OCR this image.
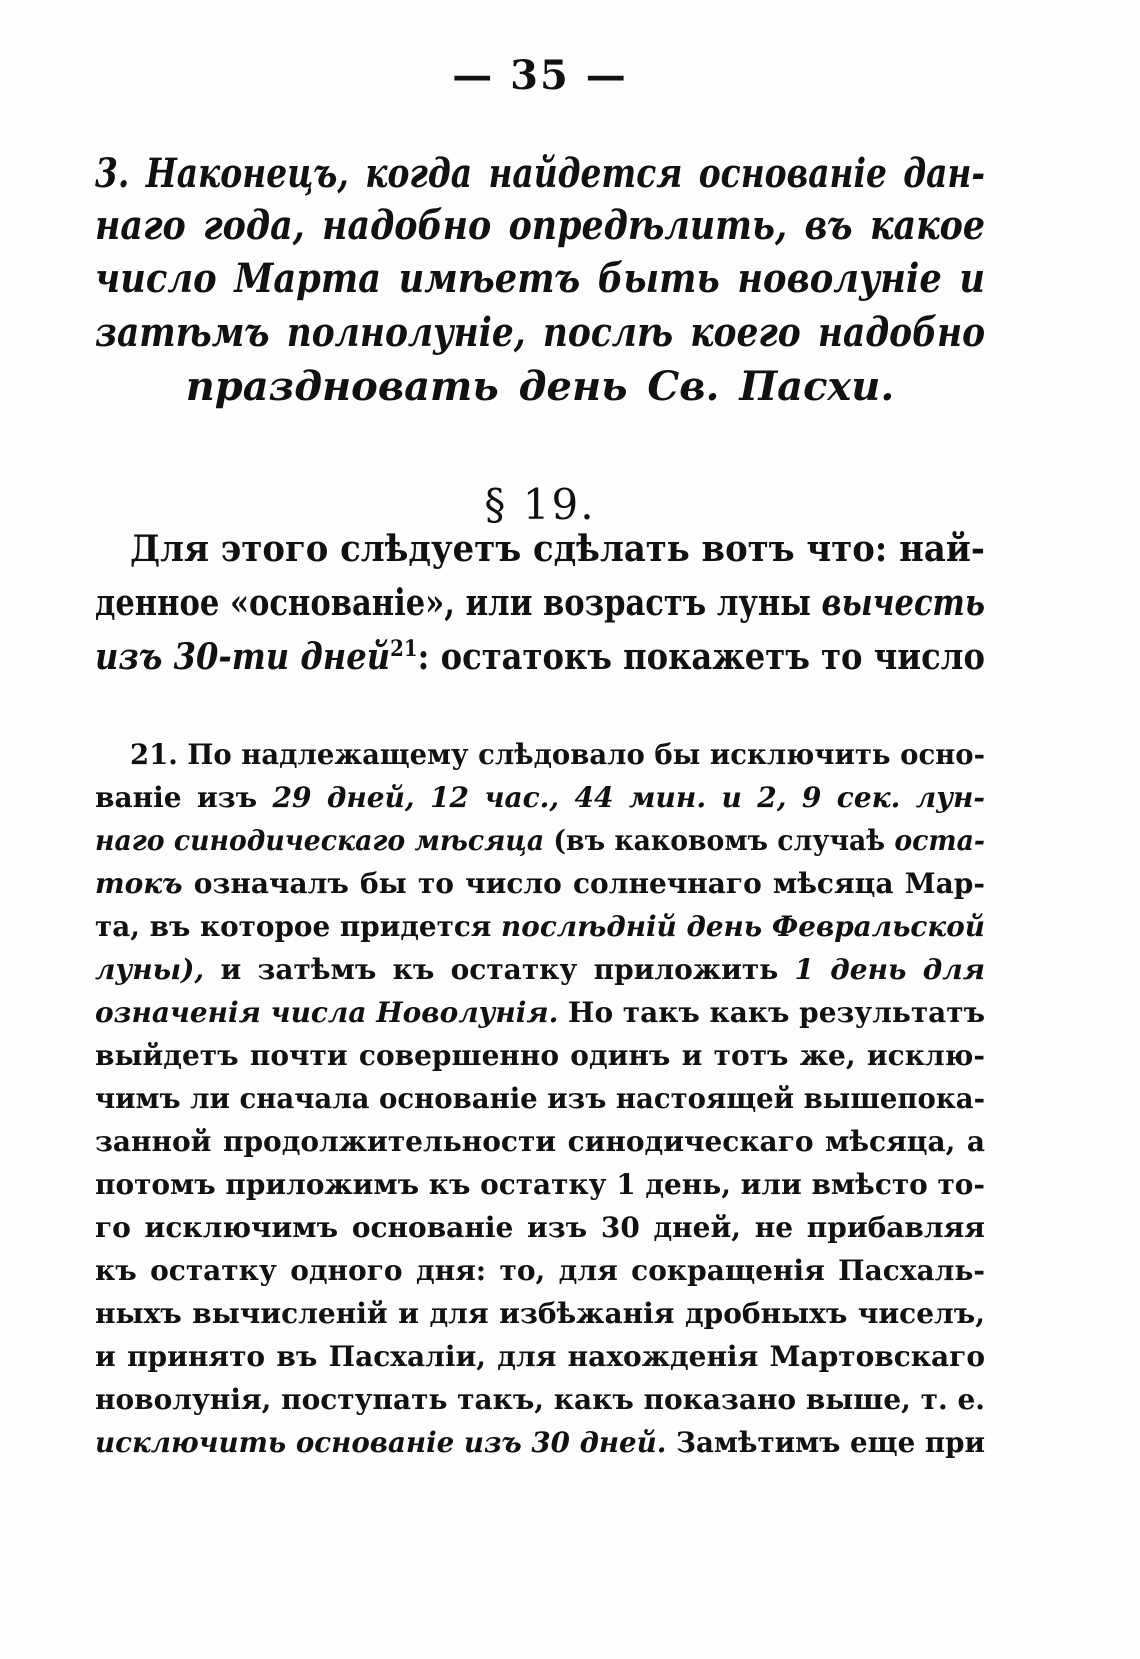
— 35 —
3. Наконецъ, когда найдется основаніе дан-
наго года, надобно опредѣлить, въ какое
число Марта имѣетъ быть новолуніе и
затѣмъ полнолуніе, послѣ коего надобно
праздновать день Св. Пасхи.
§ 19.
Для этого слѣдуетъ сдѣлать вотъ что: най-
денное «основаніе», или возрастъ луны вычесть
изъ 30-ти дней$^{21}$: остатокъ покажетъ то число
21. По надлежащему слѣдовало бы исключить осно-
ваніе изъ 29 дней, 12 час., 44 мин. и 2, 9 сек. лун-
наго синодическаго мѣсяца (въ каковомъ случаѣ оста-
токъ означалъ бы то число солнечнаго мѣсяца Мар-
та, въ которое придется послѣдній день Февральской
луны), и затѣмъ къ остатку приложить 1 день для
означенія числа Новолунія. Но такъ какъ результатъ
выйдетъ почти совершенно одинъ и тотъ же, исклю-
чимъ ли сначала основаніе изъ настоящей вышепока-
занной продолжительности синодическаго мѣсяца, а
потомъ приложимъ къ остатку 1 день, или вмѣсто то-
го исключимъ основаніе изъ 30 дней, не прибавляя
къ остатку одного дня: то, для сокращенія Пасхаль-
ныхъ вычисленій и для избѣжанія дробныхъ чиселъ,
и принято въ Пасхаліи, для нахожденія Мартовскаго
новолунія, поступать такъ, какъ показано выше, т. е.
исключить основаніе изъ 30 дней. Замѣтимъ еще при
